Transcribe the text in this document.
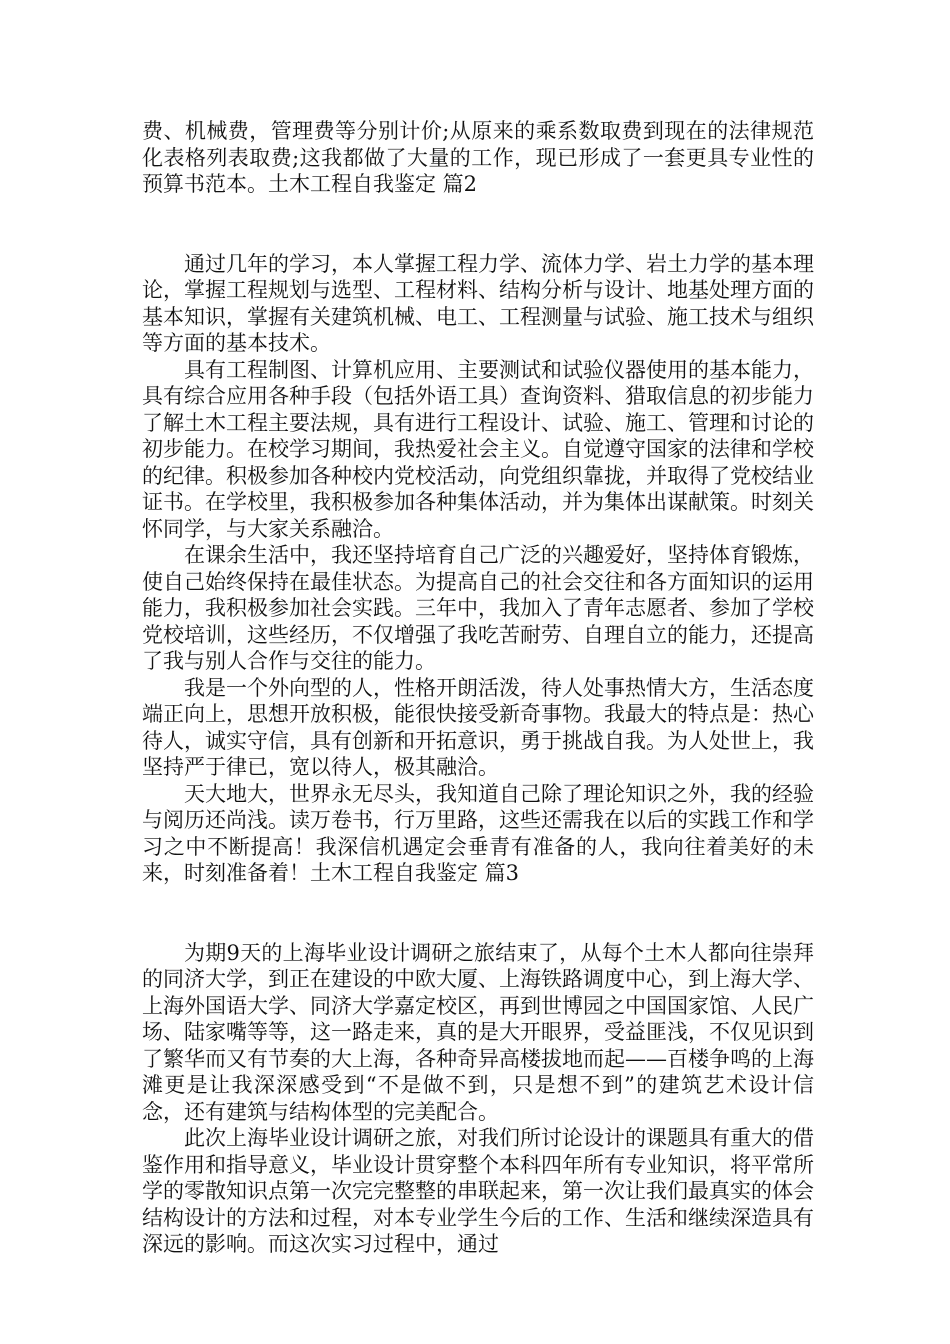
费、机械费，管理费等分别计价;从原来的乘系数取费到现在的法律规范化表格列表取费;这我都做了大量的工作，现已形成了一套更具专业性的预算书范本。土木工程自我鉴定 篇2

通过几年的学习，本人掌握工程力学、流体力学、岩土力学的基本理论，掌握工程规划与选型、工程材料、结构分析与设计、地基处理方面的基本知识，掌握有关建筑机械、电工、工程测量与试验、施工技术与组织等方面的基本技术。

具有工程制图、计算机应用、主要测试和试验仪器使用的基本能力，具有综合应用各种手段（包括外语工具）查询资料、猎取信息的初步能力了解土木工程主要法规，具有进行工程设计、试验、施工、管理和讨论的初步能力。在校学习期间，我热爱社会主义。自觉遵守国家的法律和学校的纪律。积极参加各种校内党校活动，向党组织靠拢，并取得了党校结业证书。在学校里，我积极参加各种集体活动，并为集体出谋献策。时刻关怀同学，与大家关系融洽。

在课余生活中，我还坚持培育自己广泛的兴趣爱好，坚持体育锻炼，使自己始终保持在最佳状态。为提高自己的社会交往和各方面知识的运用能力，我积极参加社会实践。三年中，我加入了青年志愿者、参加了学校党校培训，这些经历，不仅增强了我吃苦耐劳、自理自立的能力，还提高了我与别人合作与交往的能力。

我是一个外向型的人，性格开朗活泼，待人处事热情大方，生活态度端正向上，思想开放积极，能很快接受新奇事物。我最大的特点是：热心待人，诚实守信，具有创新和开拓意识，勇于挑战自我。为人处世上，我坚持严于律已，宽以待人，极其融洽。

天大地大，世界永无尽头，我知道自己除了理论知识之外，我的经验与阅历还尚浅。读万卷书，行万里路，这些还需我在以后的实践工作和学习之中不断提高！我深信机遇定会垂青有准备的人，我向往着美好的未来，时刻准备着！土木工程自我鉴定 篇3

为期9天的上海毕业设计调研之旅结束了，从每个土木人都向往崇拜的同济大学，到正在建设的中欧大厦、上海铁路调度中心，到上海大学、上海外国语大学、同济大学嘉定校区，再到世博园之中国国家馆、人民广场、陆家嘴等等，这一路走来，真的是大开眼界，受益匪浅，不仅见识到了繁华而又有节奏的大上海，各种奇异高楼拔地而起——百楼争鸣的上海滩更是让我深深感受到“不是做不到，只是想不到”的建筑艺术设计信念，还有建筑与结构体型的完美配合。

此次上海毕业设计调研之旅，对我们所讨论设计的课题具有重大的借鉴作用和指导意义，毕业设计贯穿整个本科四年所有专业知识，将平常所学的零散知识点第一次完完整整的串联起来，第一次让我们最真实的体会结构设计的方法和过程，对本专业学生今后的工作、生活和继续深造具有深远的影响。而这次实习过程中，通过
